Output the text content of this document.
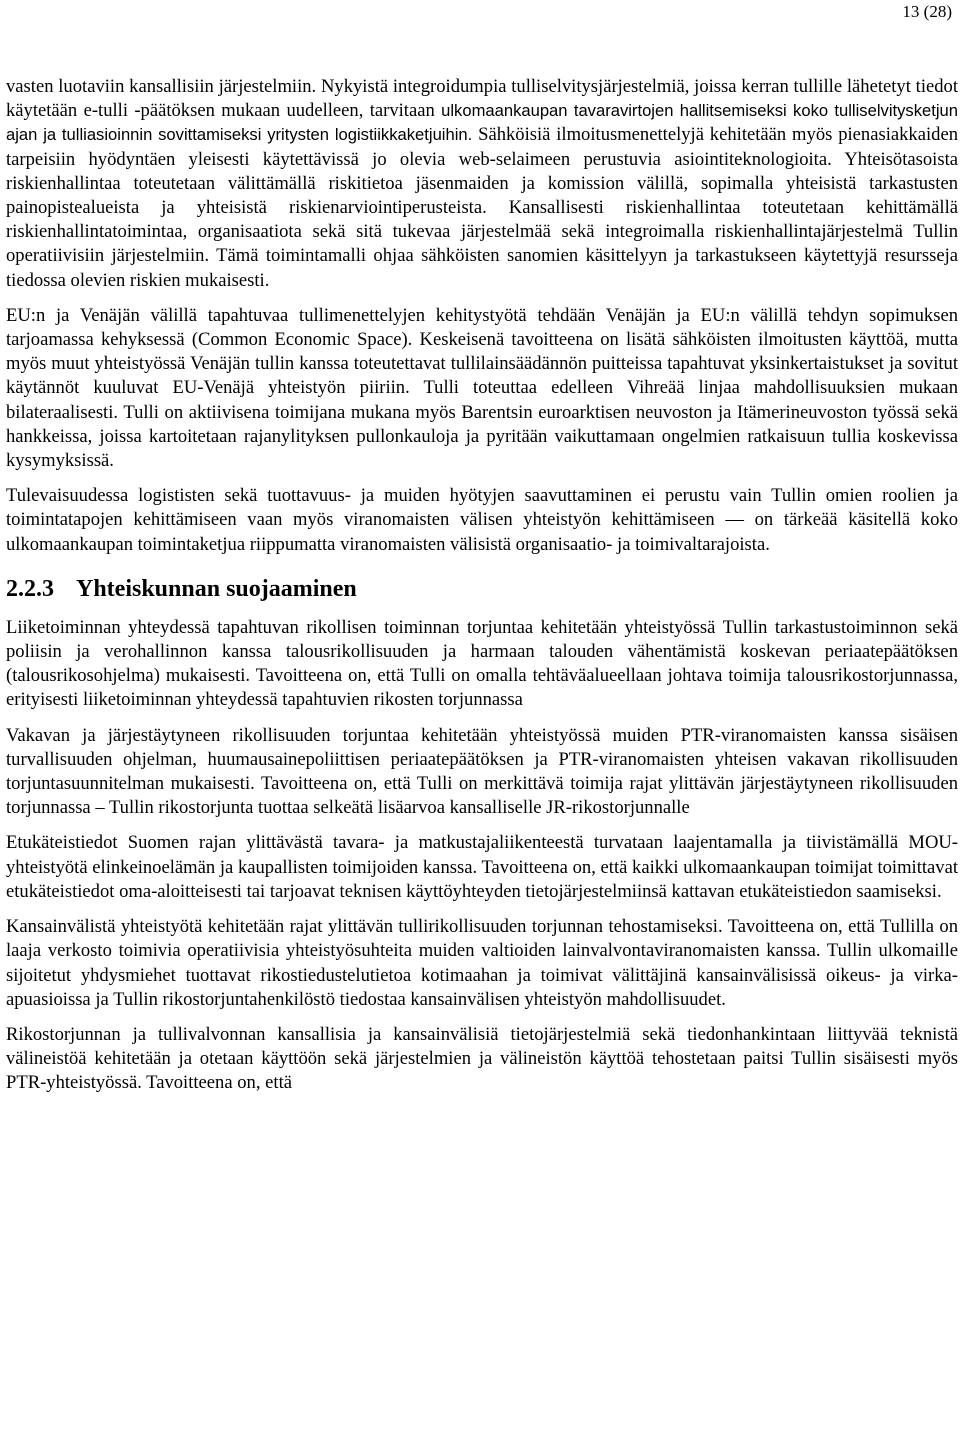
13 (28)

vasten luotaviin kansallisiin järjestelmiin. Nykyistä integroidumpia tulliselvitysjärjestelmiä, joissa kerran tullille lähetetyt tiedot käytetään e-tulli -päätöksen mukaan uudelleen, tarvitaan ulkomaankaupan tavaravirtojen hallitsemiseksi koko tulliselvitysketjun ajan ja tulliasioinnin sovittamiseksi yritysten logistiikkaketjuihin. Sähköisiä ilmoitusmenettelyjä kehitetään myös pienasiakkaiden tarpeisiin hyödyntäen yleisesti käytettävissä jo olevia web-selaimeen perustuvia asiointiteknologioita. Yhteisötasoista riskienhallintaa toteutetaan välittämällä riskitietoa jäsenmaiden ja komission välillä, sopimalla yhteisistä tarkastusten painopistealueista ja yhteisistä riskienarviointiperusteista. Kansallisesti riskienhallintaa toteutetaan kehittämällä riskienhallintatoimintaa, organisaatiota sekä sitä tukevaa järjestelmää sekä integroimalla riskienhallintajärjestelmä Tullin operatiivisiin järjestelmiin. Tämä toimintamalli ohjaa sähköisten sanomien käsittelyyn ja tarkastukseen käytettyjä resursseja tiedossa olevien riskien mukaisesti.

EU:n ja Venäjän välillä tapahtuvaa tullimenettelyjen kehitystyötä tehdään Venäjän ja EU:n välillä tehdyn sopimuksen tarjoamassa kehyksessä (Common Economic Space). Keskeisenä tavoitteena on lisätä sähköisten ilmoitusten käyttöä, mutta myös muut yhteistyössä Venäjän tullin kanssa toteutettavat tullilainsäädännön puitteissa tapahtuvat yksinkertaistukset ja sovitut käytännöt kuuluvat EU-Venäjä yhteistyön piiriin. Tulli toteuttaa edelleen Vihreää linjaa mahdollisuuksien mukaan bilateraalisesti. Tulli on aktiivisena toimijana mukana myös Barentsin euroarktisen neuvoston ja Itämerineuvoston työssä sekä hankkeissa, joissa kartoitetaan rajanylityksen pullonkauloja ja pyritään vaikuttamaan ongelmien ratkaisuun tullia koskevissa kysymyksissä.

Tulevaisuudessa logististen sekä tuottavuus- ja muiden hyötyjen saavuttaminen ei perustu vain Tullin omien roolien ja toimintatapojen kehittämiseen vaan myös viranomaisten välisen yhteistyön kehittämiseen — on tärkeää käsitellä koko ulkomaankaupan toimintaketjua riippumatta viranomaisten välisistä organisaatio- ja toimivaltarajoista.

2.2.3 Yhteiskunnan suojaaminen

Liiketoiminnan yhteydessä tapahtuvan rikollisen toiminnan torjuntaa kehitetään yhteistyössä Tullin tarkastustoiminnon sekä poliisin ja verohallinnon kanssa talousrikollisuuden ja harmaan talouden vähentämistä koskevan periaatepäätöksen (talousrikosohjelma) mukaisesti. Tavoitteena on, että Tulli on omalla tehtäväalueellaan johtava toimija talousrikostorjunnassa, erityisesti liiketoiminnan yhteydessä tapahtuvien rikosten torjunnassa

Vakavan ja järjestäytyneen rikollisuuden torjuntaa kehitetään yhteistyössä muiden PTR-viranomaisten kanssa sisäisen turvallisuuden ohjelman, huumausainepoliittisen periaatepäätöksen ja PTR-viranomaisten yhteisen vakavan rikollisuuden torjuntasuunnitelman mukaisesti. Tavoitteena on, että Tulli on merkittävä toimija rajat ylittävän järjestäytyneen rikollisuuden torjunnassa – Tullin rikostorjunta tuottaa selkeätä lisäarvoa kansalliselle JR-rikostorjunnalle

Etukäteistiedot Suomen rajan ylittävästä tavara- ja matkustajaliikenteestä turvataan laajentamalla ja tiivistämällä MOU-yhteistyötä elinkeinoelämän ja kaupallisten toimijoiden kanssa. Tavoitteena on, että kaikki ulkomaankaupan toimijat toimittavat etukäteistiedot oma-aloitteisesti tai tarjoavat teknisen käyttöyhteyden tietojärjestelmiinsä kattavan etukäteistiedon saamiseksi.

Kansainvälistä yhteistyötä kehitetään rajat ylittävän tullirikollisuuden torjunnan tehostamiseksi. Tavoitteena on, että Tullilla on laaja verkosto toimivia operatiivisia yhteistyösuhteita muiden valtioiden lainvalvontaviranomaisten kanssa. Tullin ulkomaille sijoitetut yhdysmiehet tuottavat rikostiedustelutietoa kotimaahan ja toimivat välittäjinä kansainvälisissä oikeus- ja virka-apuasioissa ja Tullin rikostorjuntahenkilöstö tiedostaa kansainvälisen yhteistyön mahdollisuudet.

Rikostorjunnan ja tullivalvonnan kansallisia ja kansainvälisiä tietojärjestelmiä sekä tiedonhankintaan liittyvää teknistä välineistöä kehitetään ja otetaan käyttöön sekä järjestelmien ja välineistön käyttöä tehostetaan paitsi Tullin sisäisesti myös PTR-yhteistyössä. Tavoitteena on, että
